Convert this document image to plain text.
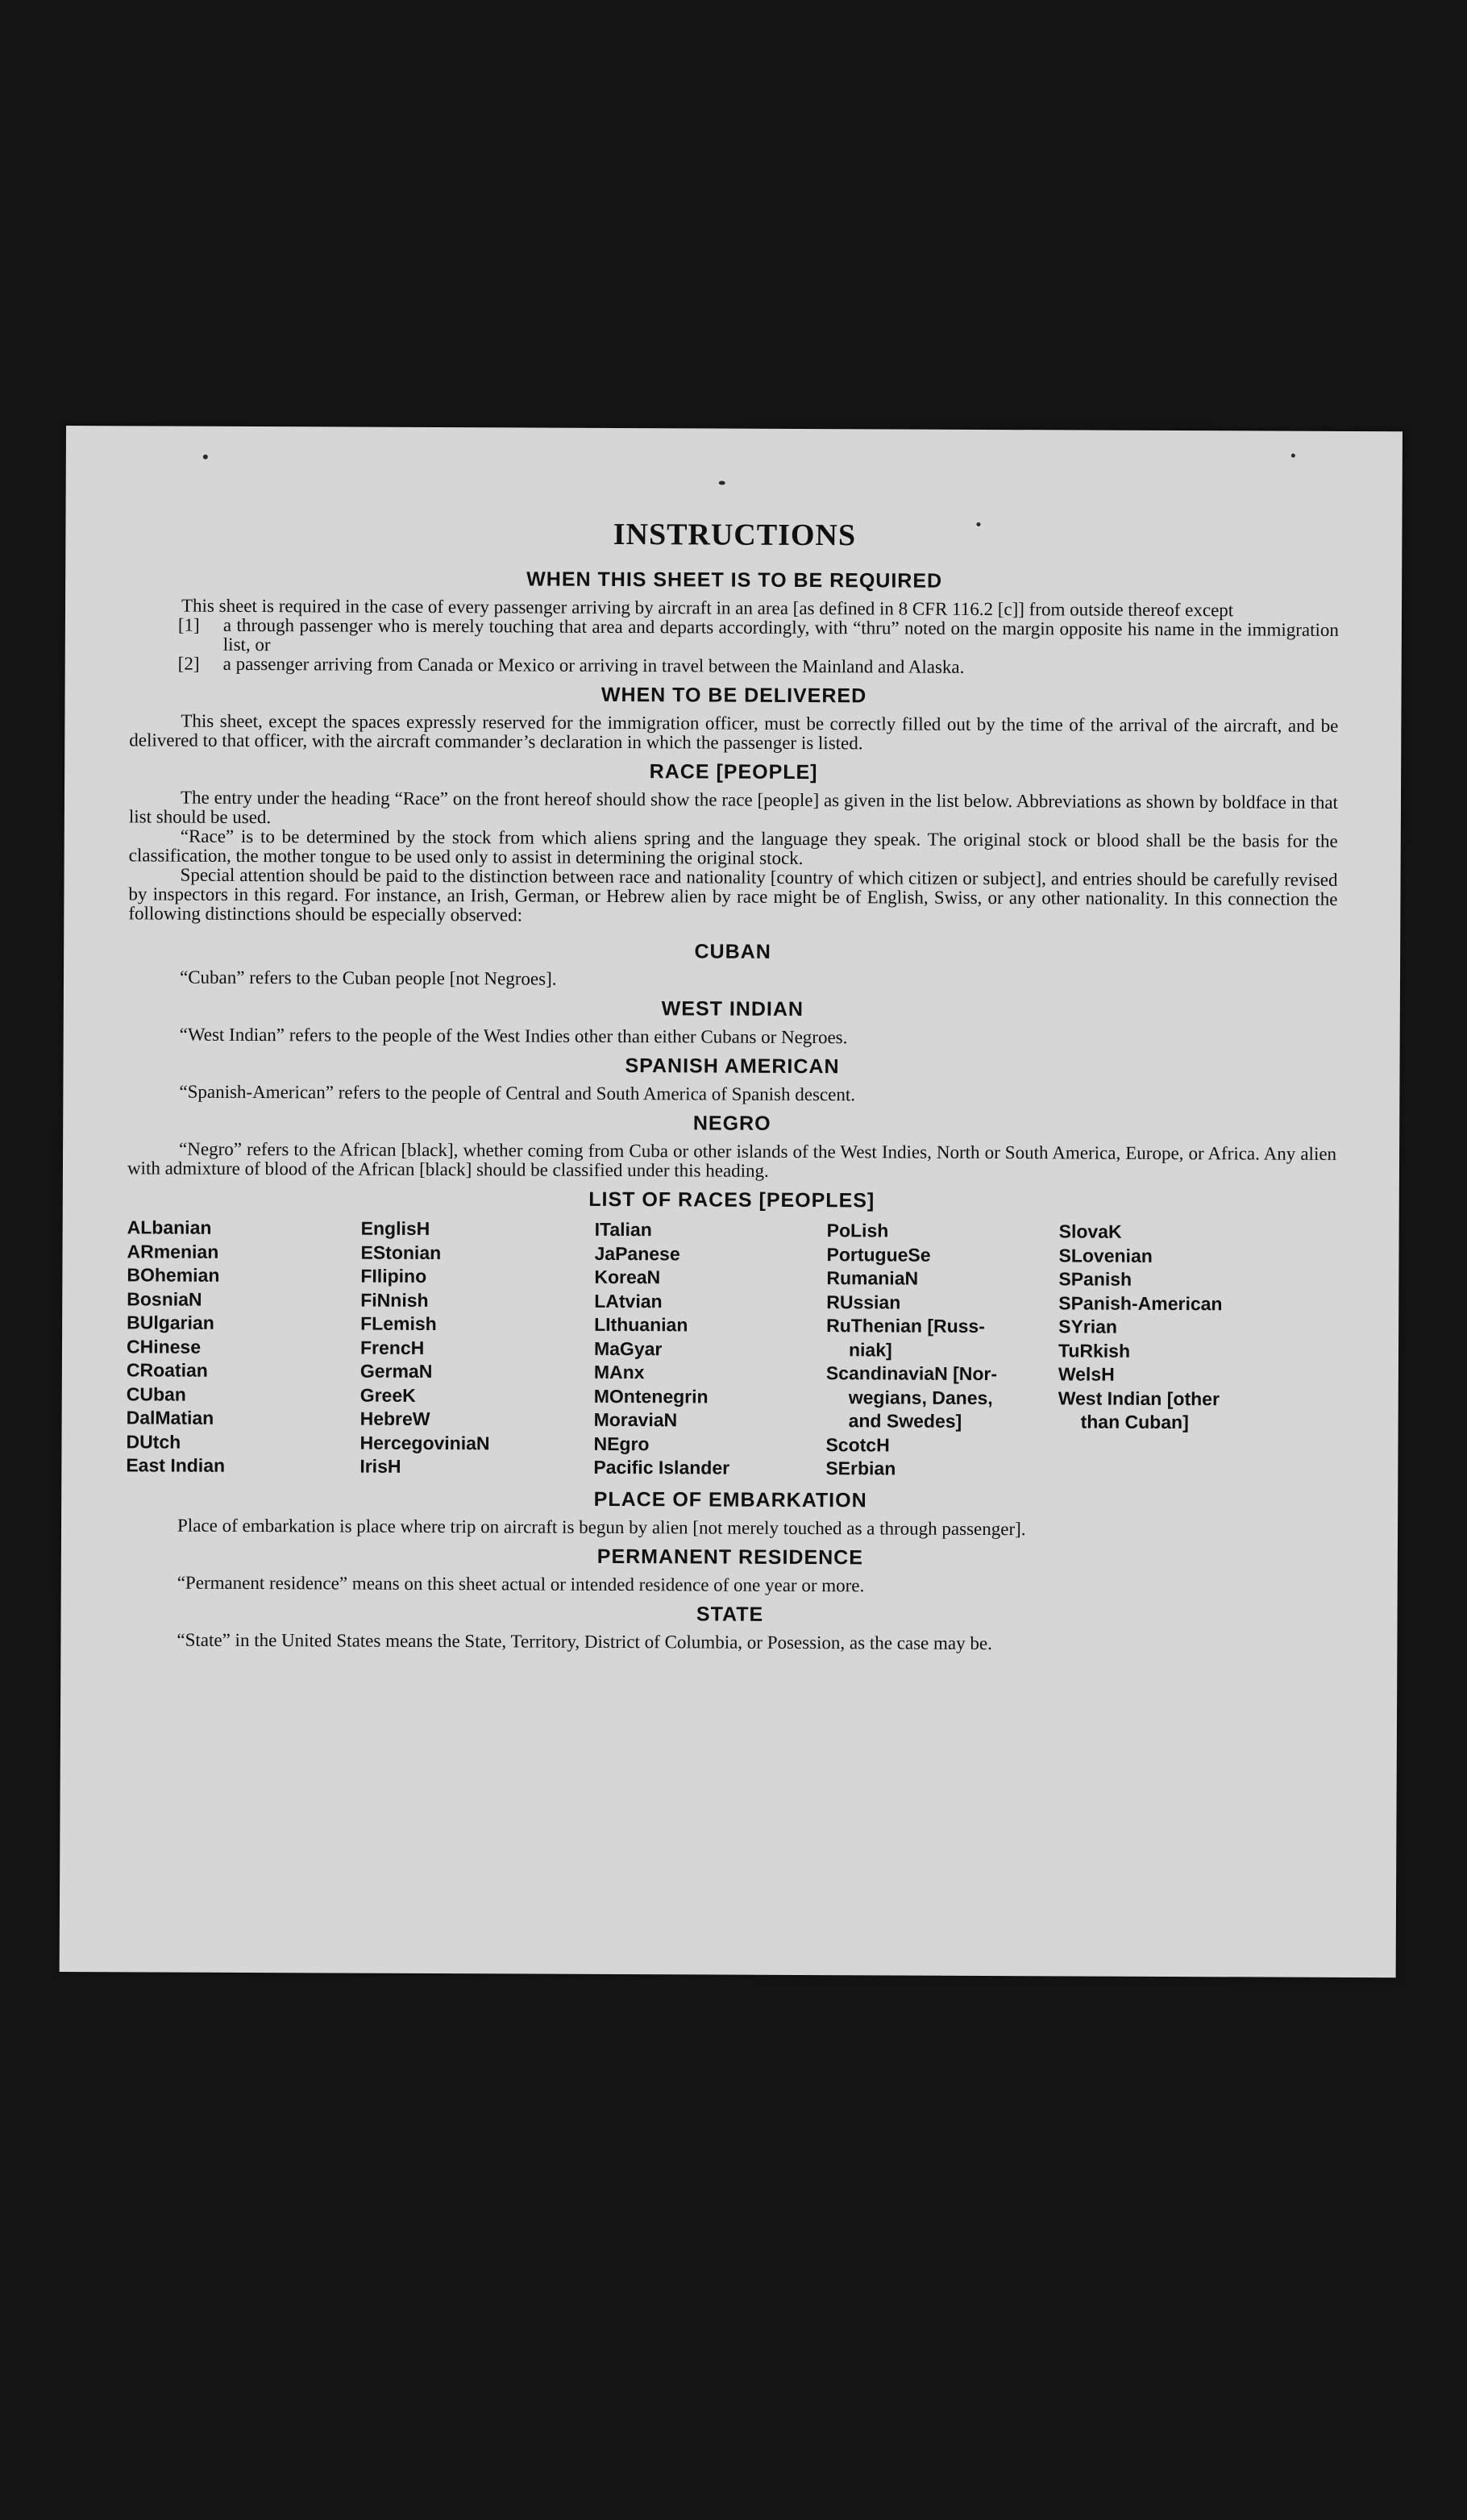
INSTRUCTIONS
WHEN THIS SHEET IS TO BE REQUIRED

This sheet is required in the case of every passenger arriving by aircraft in an area [as defined in 8 CFR 116.2 [c]] from outside thereof except

[1]	a through passenger who is merely touching that area and departs accordingly, with “thru” noted on the margin opposite his name in the immigration list, or
[2]	a passenger arriving from Canada or Mexico or arriving in travel between the Mainland and Alaska.
WHEN TO BE DELIVERED

This sheet, except the spaces expressly reserved for the immigration officer, must be correctly filled out by the time of the arrival of the aircraft, and be delivered to that officer, with the aircraft commander’s declaration in which the passenger is listed.

RACE [PEOPLE]

The entry under the heading “Race” on the front hereof should show the race [people] as given in the list below. Abbreviations as shown by boldface in that list should be used.

“Race” is to be determined by the stock from which aliens spring and the language they speak. The original stock or blood shall be the basis for the classification, the mother tongue to be used only to assist in determining the original stock.

Special attention should be paid to the distinction between race and nationality [country of which citizen or subject], and entries should be carefully revised by inspectors in this regard. For instance, an Irish, German, or Hebrew alien by race might be of English, Swiss, or any other nationality. In this connection the following distinctions should be especially observed:

CUBAN

“Cuban” refers to the Cuban people [not Negroes].

WEST INDIAN

“West Indian” refers to the people of the West Indies other than either Cubans or Negroes.

SPANISH AMERICAN

“Spanish-American” refers to the people of Central and South America of Spanish descent.

NEGRO

“Negro” refers to the African [black], whether coming from Cuba or other islands of the West Indies, North or South America, Europe, or Africa. Any alien with admixture of blood of the African [black] should be classified under this heading.

LIST OF RACES [PEOPLES]
ALbanian
ARmenian
BOhemian
BosniaN
BUlgarian
CHinese
CRoatian
CUban
DalMatian
DUtch
East Indian
EnglisH
EStonian
FIlipino
FiNnish
FLemish
FrencH
GermaN
GreeK
HebreW
HercegoviniaN
IrisH
ITalian
JaPanese
KoreaN
LAtvian
LIthuanian
MaGyar
MAnx
MOntenegrin
MoraviaN
NEgro
Pacific Islander
PoLish
PortugueSe
RumaniaN
RUssian
RuThenian [Russ-
niak]
ScandinaviaN [Nor-
wegians, Danes,
and Swedes]
ScotcH
SErbian
SlovaK
SLovenian
SPanish
SPanish-American
SYrian
TuRkish
WelsH
West Indian [other
than Cuban]
PLACE OF EMBARKATION

Place of embarkation is place where trip on aircraft is begun by alien [not merely touched as a through passenger].

PERMANENT RESIDENCE

“Permanent residence” means on this sheet actual or intended residence of one year or more.

STATE

“State” in the United States means the State, Territory, District of Columbia, or Posession, as the case may be.
